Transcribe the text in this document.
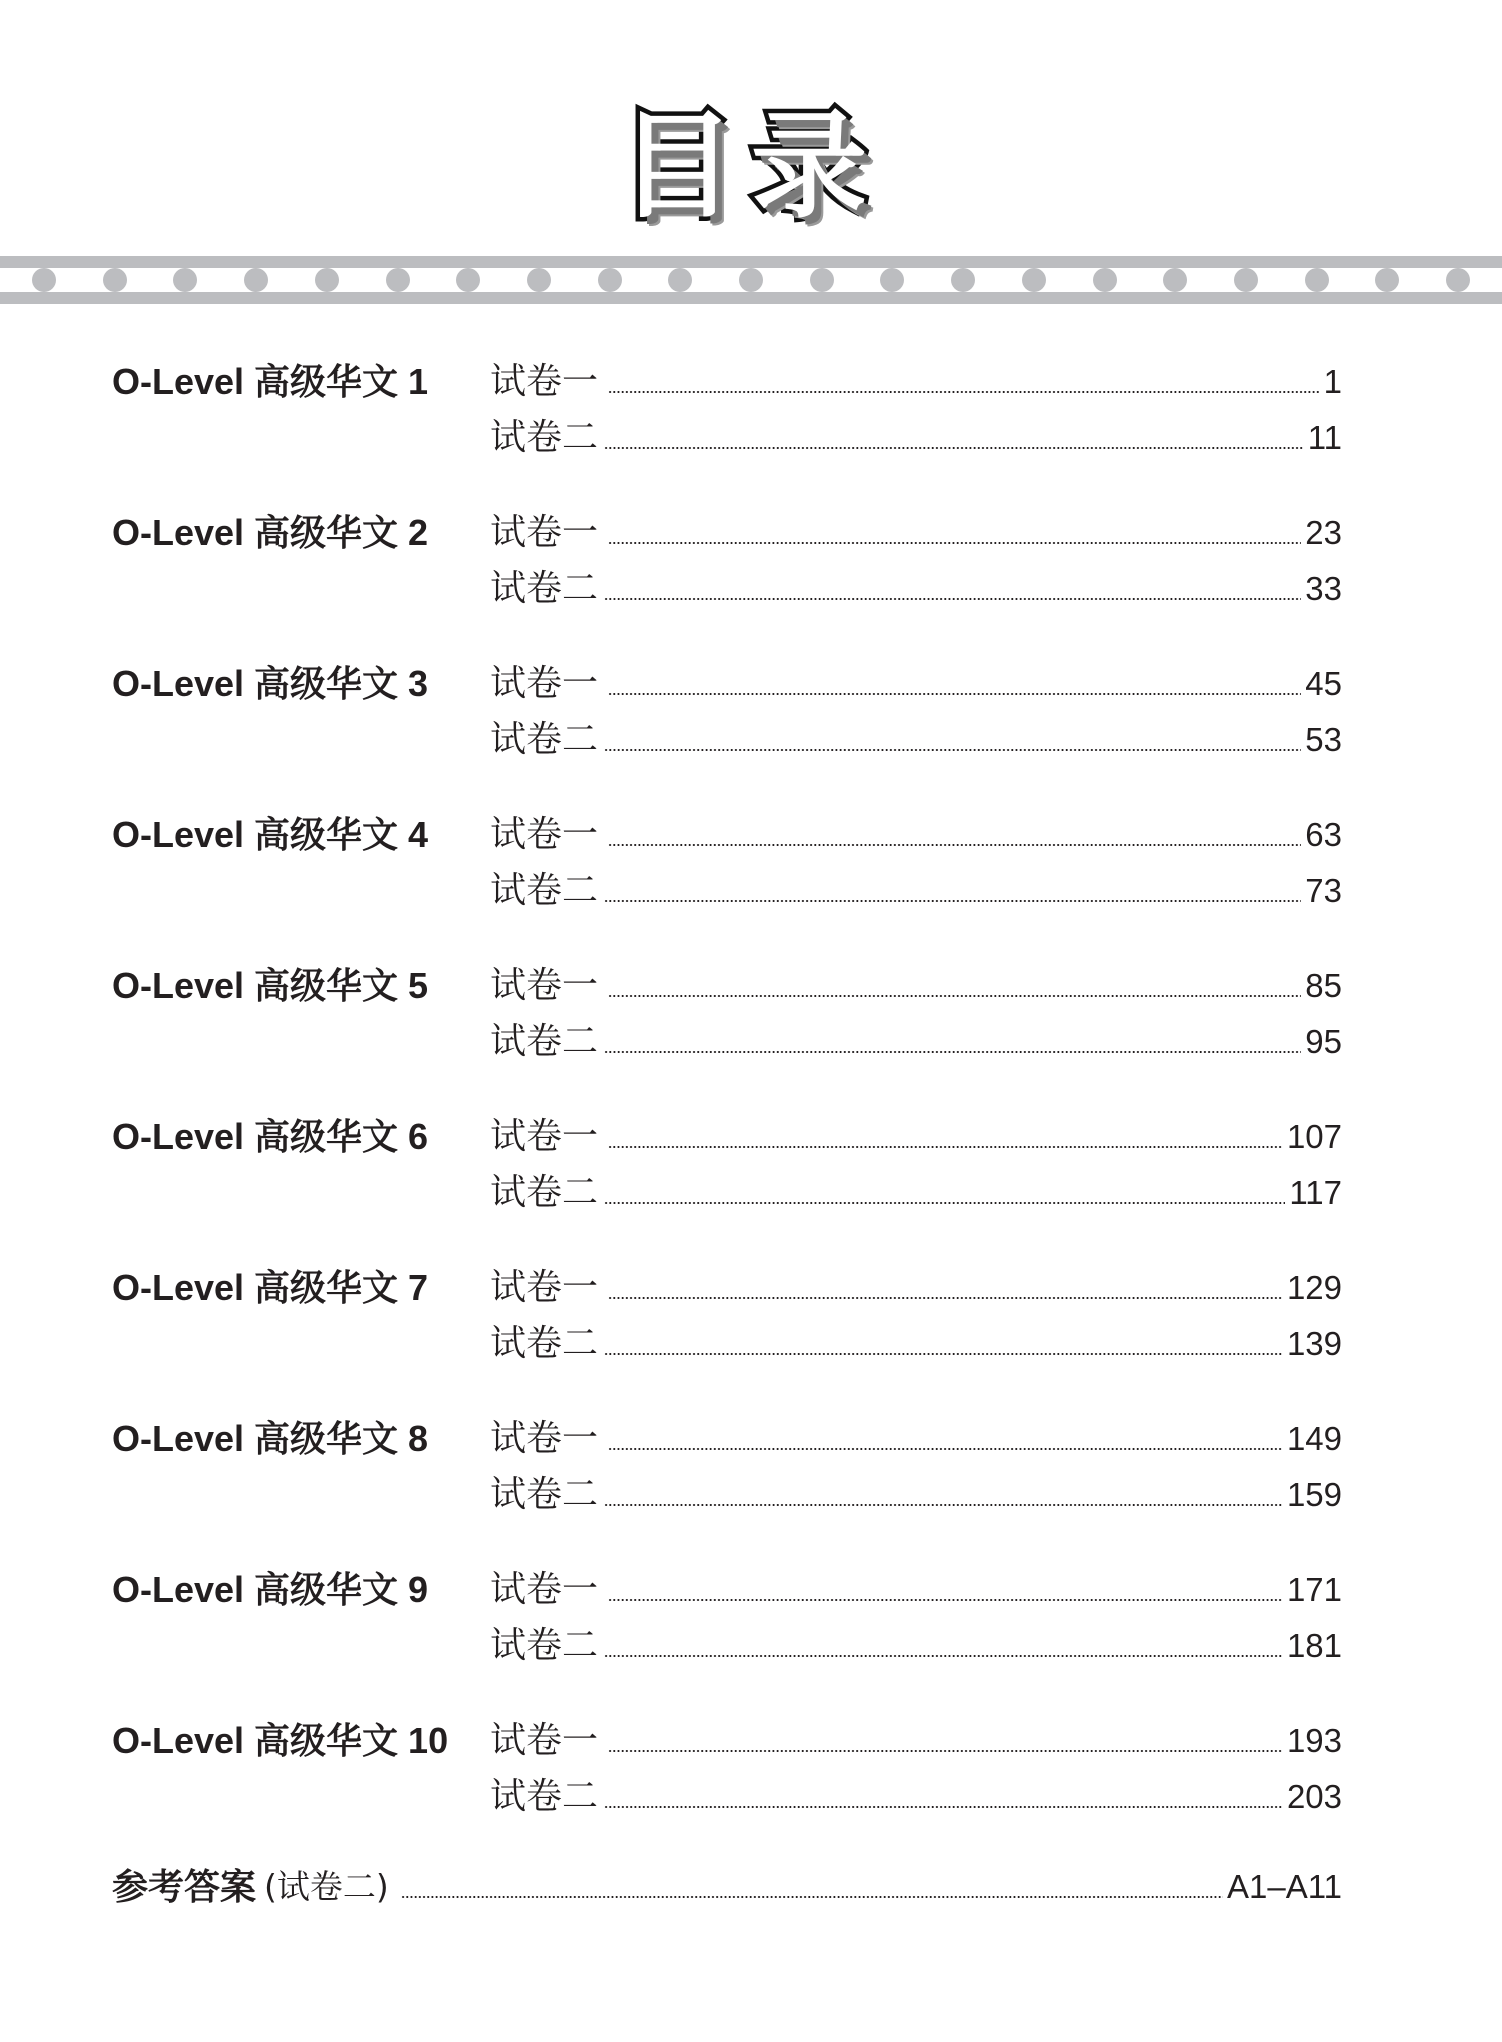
目录
O-Level 高级华文 1 试卷一	1
试卷二	11
O-Level 高级华文 2 试卷一	23
试卷二	33
O-Level 高级华文 3 试卷一	45
试卷二	53
O-Level 高级华文 4 试卷一	63
试卷二	73
O-Level 高级华文 5 试卷一	85
试卷二	95
O-Level 高级华文 6 试卷一	107
试卷二	117
O-Level 高级华文 7 试卷一	129
试卷二	139
O-Level 高级华文 8 试卷一	149
试卷二	159
O-Level 高级华文 9 试卷一	171
试卷二	181
O-Level 高级华文 10 试卷一	193
试卷二	203
参考答案 (试卷二)	A1–A11
